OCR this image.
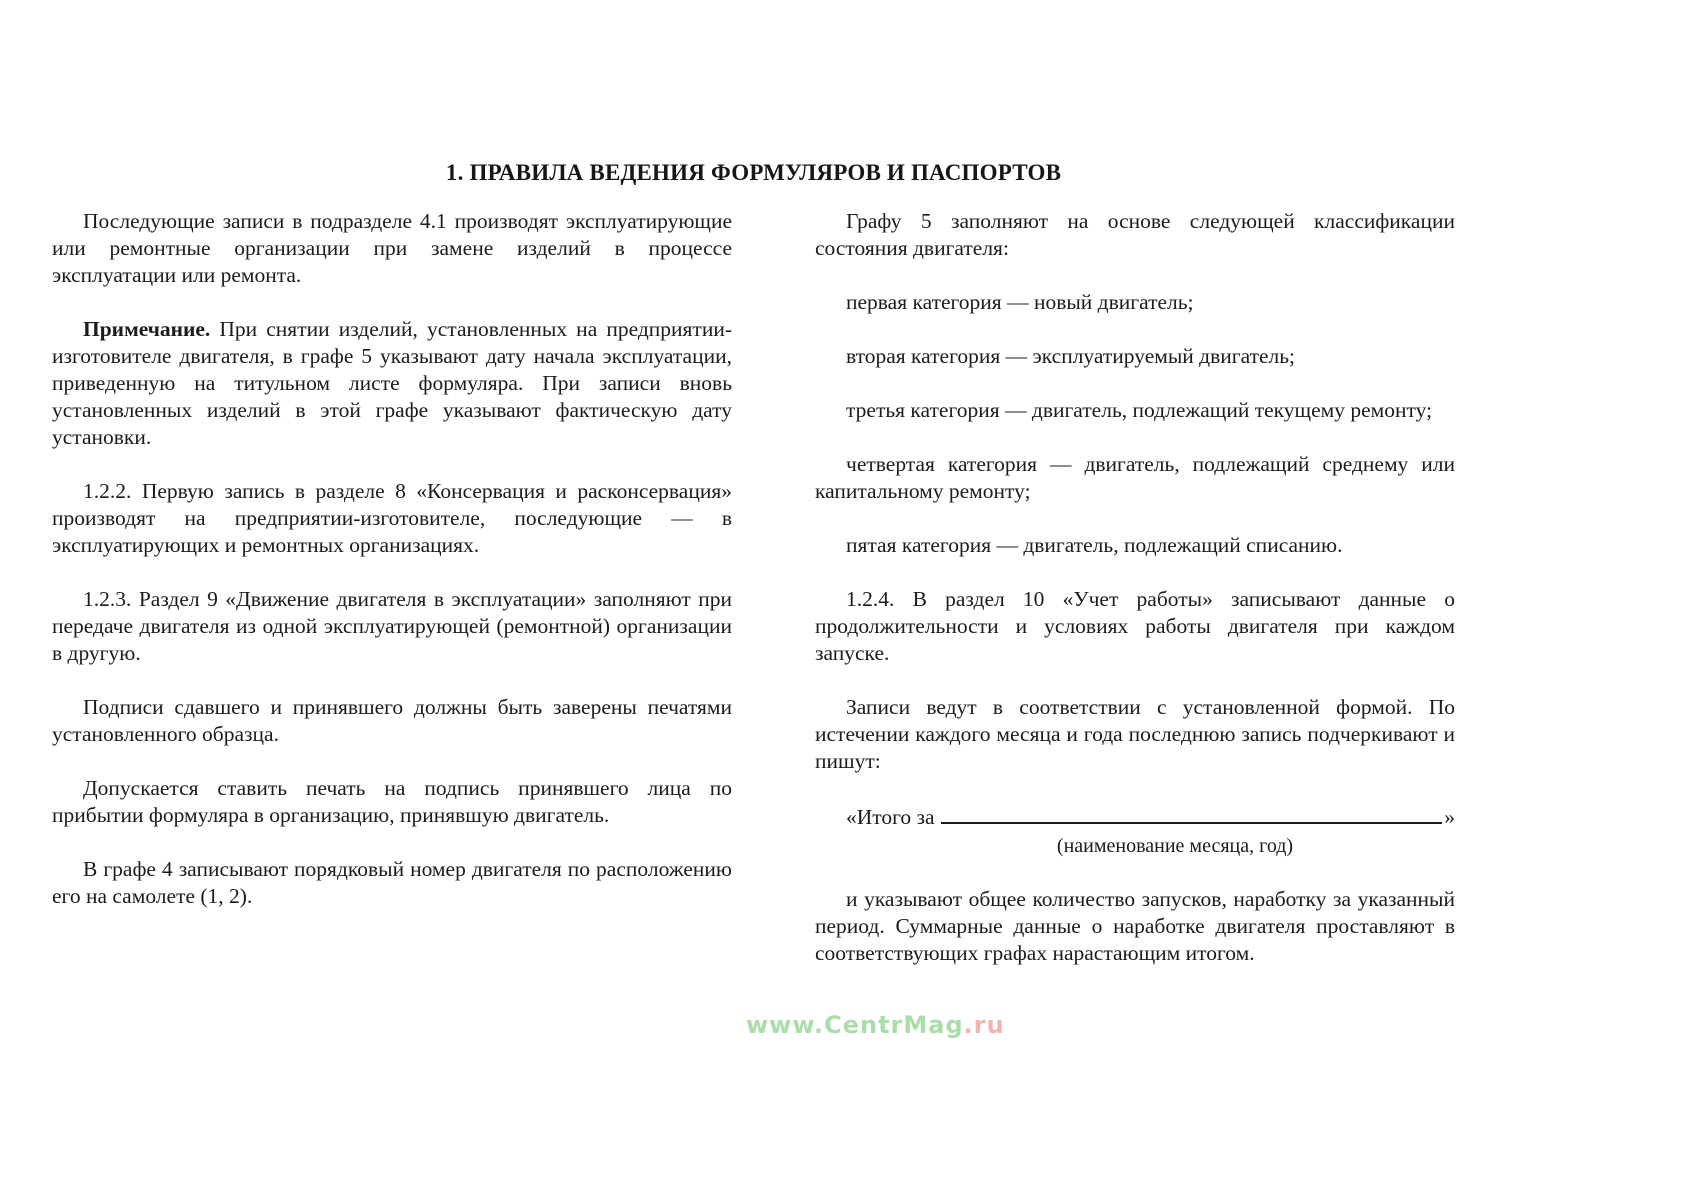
www.CentrMag.ru
1. ПРАВИЛА ВЕДЕНИЯ ФОРМУЛЯРОВ И ПАСПОРТОВ

Последующие записи в подразделе 4.1 производят эксплуатирующие или ремонтные организации при замене изделий в процессе эксплуатации или ремонта.

Примечание. При снятии изделий, установленных на предприятии-изготовителе двигателя, в графе 5 указывают дату начала эксплуатации, приведенную на титульном листе формуляра. При записи вновь установленных изделий в этой графе указывают фактическую дату установки.

1.2.2. Первую запись в разделе 8 «Консервация и расконсервация» производят на предприятии-изготовителе, последующие — в эксплуатирующих и ремонтных организациях.

1.2.3. Раздел 9 «Движение двигателя в эксплуатации» заполняют при передаче двигателя из одной эксплуатирующей (ремонтной) организации в другую.

Подписи сдавшего и принявшего должны быть заверены печатями установленного образца.

Допускается ставить печать на подпись принявшего лица по прибытии формуляра в организацию, принявшую двигатель.

В графе 4 записывают порядковый номер двигателя по расположению его на самолете (1, 2).

Графу 5 заполняют на основе следующей классификации состояния двигателя:

первая категория — новый двигатель;

вторая категория — эксплуатируемый двигатель;

третья категория — двигатель, подлежащий текущему ремонту;

четвертая категория — двигатель, подлежащий среднему или капитальному ремонту;

пятая категория — двигатель, подлежащий списанию.

1.2.4. В раздел 10 «Учет работы» записывают данные о продолжительности и условиях работы двигателя при каждом запуске.

Записи ведут в соответствии с установленной формой. По истечении каждого месяца и года последнюю запись подчеркивают и пишут:

«Итого за	»
(наименование месяца, год)

и указывают общее количество запусков, наработку за указанный период. Суммарные данные о наработке двигателя проставляют в соответствующих графах нарастающим итогом.
